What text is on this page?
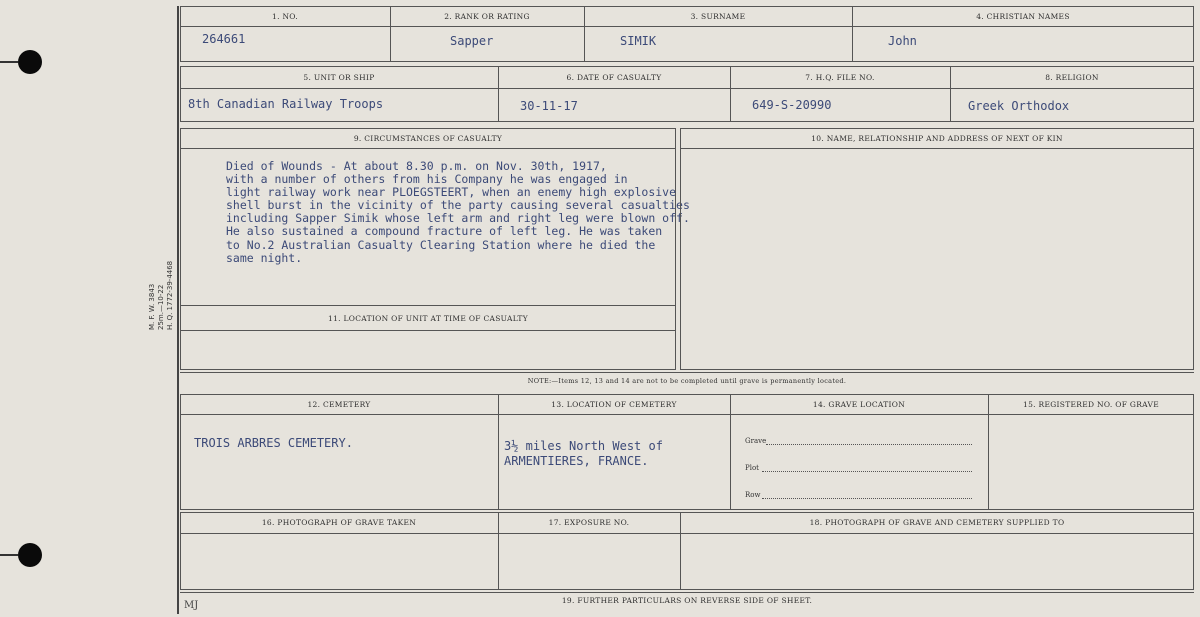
M. F. W. 3843 25m.—10-22 H. Q. 1772-39-4468
1. NO.	2. RANK OR RATING	3. SURNAME	4. CHRISTIAN NAMES
264661	Sapper	SIMIK	John
5. UNIT OR SHIP	6. DATE OF CASUALTY	7. H.Q. FILE NO.	8. RELIGION
8th Canadian Railway Troops	30-11-17	649-S-20990	Greek Orthodox
9. CIRCUMSTANCES OF CASUALTY
Died of Wounds - At about 8.30 p.m. on Nov. 30th, 1917,
with a number of others from his Company he was engaged in
light railway work near PLOEGSTEERT, when an enemy high explosive
shell burst in the vicinity of the party causing several casualties
including Sapper Simik whose left arm and right leg were blown off.
He also sustained a compound fracture of left leg. He was taken
to No.2 Australian Casualty Clearing Station where he died the
same night.
11. LOCATION OF UNIT AT TIME OF CASUALTY
10. NAME, RELATIONSHIP AND ADDRESS OF NEXT OF KIN
NOTE:—Items 12, 13 and 14 are not to be completed until grave is permanently located.
12. CEMETERY	13. LOCATION OF CEMETERY	14. GRAVE LOCATION	15. REGISTERED NO. OF GRAVE
TROIS ARBRES CEMETERY.	3½ miles North West of
ARMENTIERES, FRANCE.
Grave
Plot
Row
16. PHOTOGRAPH OF GRAVE TAKEN	17. EXPOSURE NO.	18. PHOTOGRAPH OF GRAVE AND CEMETERY SUPPLIED TO
19. FURTHER PARTICULARS ON REVERSE SIDE OF SHEET.
MJ
